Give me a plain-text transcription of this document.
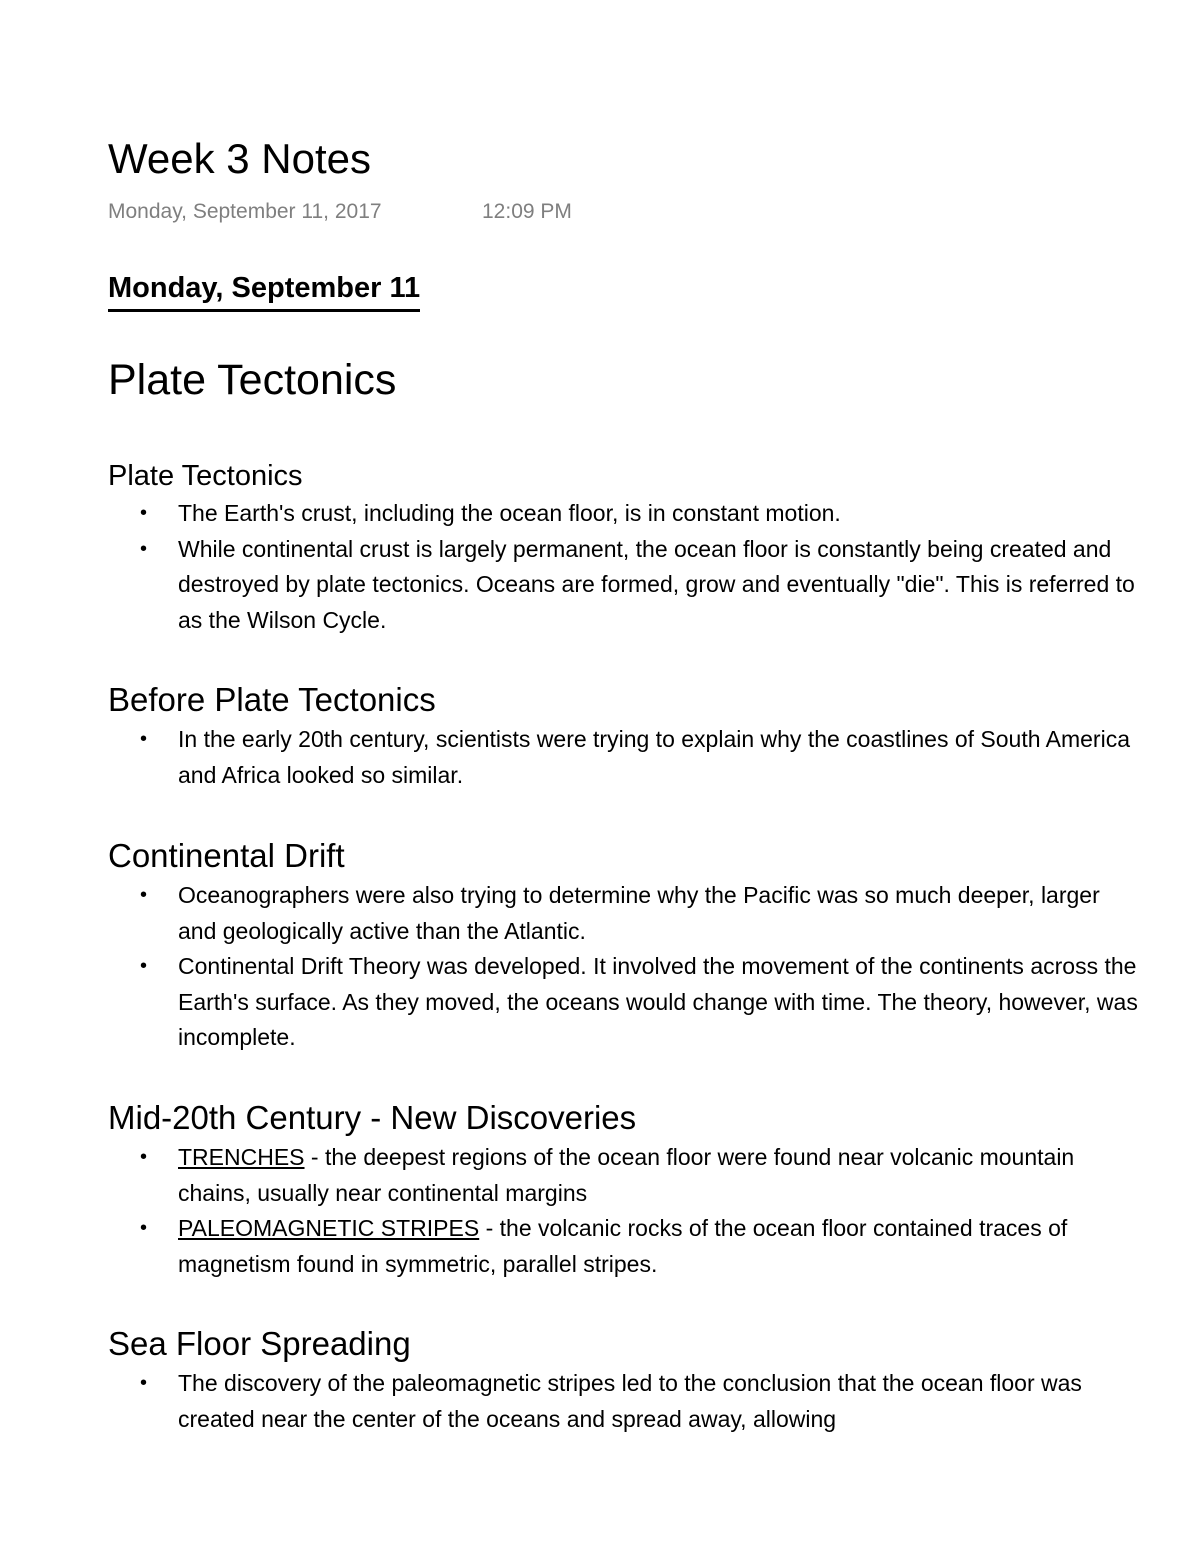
Week 3 Notes
Monday, September 11, 2017	12:09 PM
Monday, September 11
Plate Tectonics
Plate Tectonics
• The Earth's crust, including the ocean floor, is in constant motion.
• While continental crust is largely permanent, the ocean floor is constantly being created and destroyed by plate tectonics. Oceans are formed, grow and eventually "die". This is referred to as the Wilson Cycle.
Before Plate Tectonics
• In the early 20th century, scientists were trying to explain why the coastlines of South America and Africa looked so similar.
Continental Drift
• Oceanographers were also trying to determine why the Pacific was so much deeper, larger and geologically active than the Atlantic.
• Continental Drift Theory was developed. It involved the movement of the continents across the Earth's surface. As they moved, the oceans would change with time. The theory, however, was incomplete.
Mid-20th Century - New Discoveries
• TRENCHES - the deepest regions of the ocean floor were found near volcanic mountain chains, usually near continental margins
• PALEOMAGNETIC STRIPES - the volcanic rocks of the ocean floor contained traces of magnetism found in symmetric, parallel stripes.
Sea Floor Spreading
• The discovery of the paleomagnetic stripes led to the conclusion that the ocean floor was created near the center of the oceans and spread away, allowing
